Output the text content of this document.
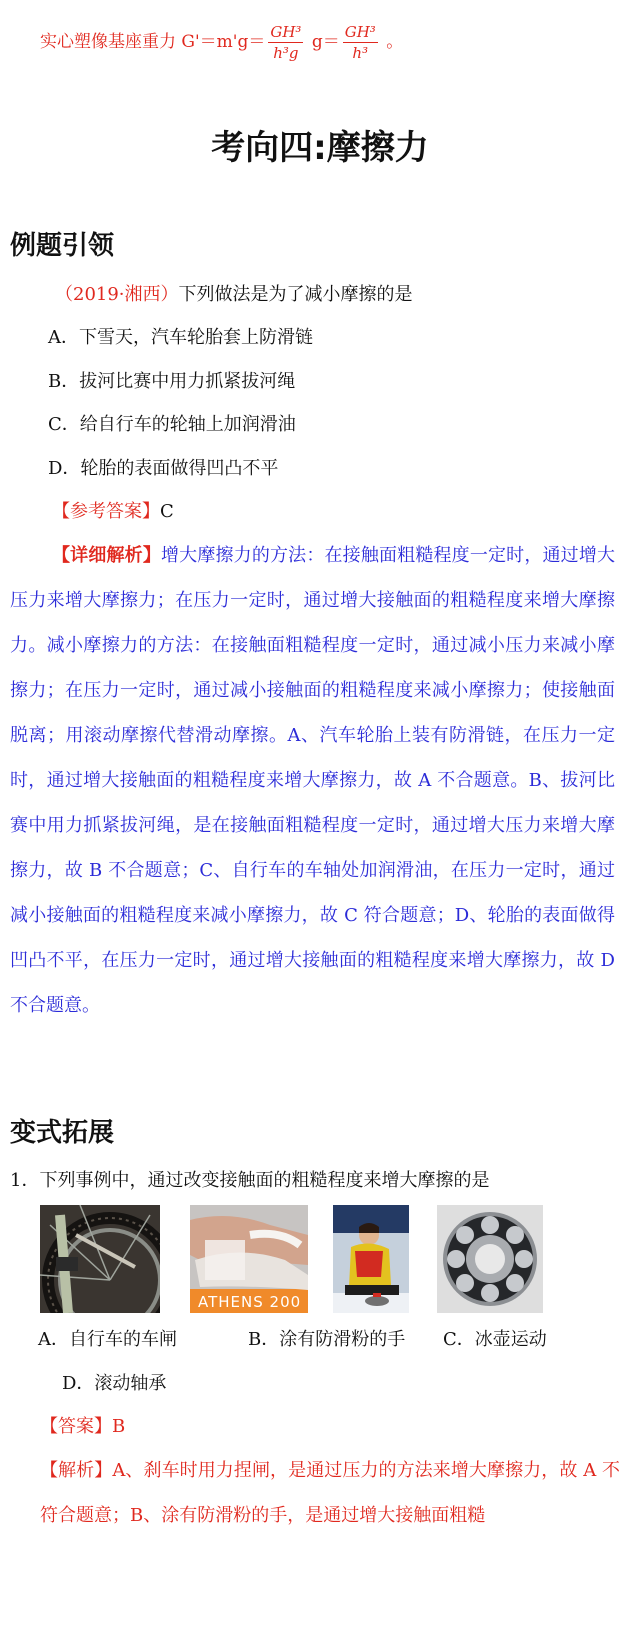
实心塑像基座重力 $G'=m'g= \frac{\text{GH³}}{\text{h³g}} g= \frac{\text{GH³}}{\text{h³}}$ 。
考向四:摩擦力
例题引领
（2019·湘西）下列做法是为了减小摩擦的是
A．下雪天，汽车轮胎套上防滑链
B．拔河比赛中用力抓紧拔河绳
C．给自行车的轮轴上加润滑油
D．轮胎的表面做得凹凸不平
【参考答案】C
【详细解析】增大摩擦力的方法：在接触面粗糙程度一定时，通过增大压力来增大摩擦力；在压力一定时，通过增大接触面的粗糙程度来增大摩擦力。减小摩擦力的方法：在接触面粗糙程度一定时，通过减小压力来减小摩擦力；在压力一定时，通过减小接触面的粗糙程度来减小摩擦力；使接触面脱离；用滚动摩擦代替滑动摩擦。A、汽车轮胎上装有防滑链，在压力一定时，通过增大接触面的粗糙程度来增大摩擦力，故 A 不合题意。B、拔河比赛中用力抓紧拔河绳，是在接触面粗糙程度一定时，通过增大压力来增大摩擦力，故 B 不合题意；C、自行车的车轴处加润滑油，在压力一定时，通过减小接触面的粗糙程度来减小摩擦力，故 C 符合题意；D、轮胎的表面做得凹凸不平，在压力一定时，通过增大接触面的粗糙程度来增大摩擦力，故 D 不合题意。
变式拓展
1．下列事例中，通过改变接触面的粗糙程度来增大摩擦的是
ATHENS 200
A．自行车的车闸	B．涂有防滑粉的手 C．冰壶运动
D．滚动轴承
【答案】B
【解析】A、刹车时用力捏闸，是通过压力的方法来增大摩擦力，故 A 不符合题意；B、涂有防滑粉的手，是通过增大接触面粗糙
